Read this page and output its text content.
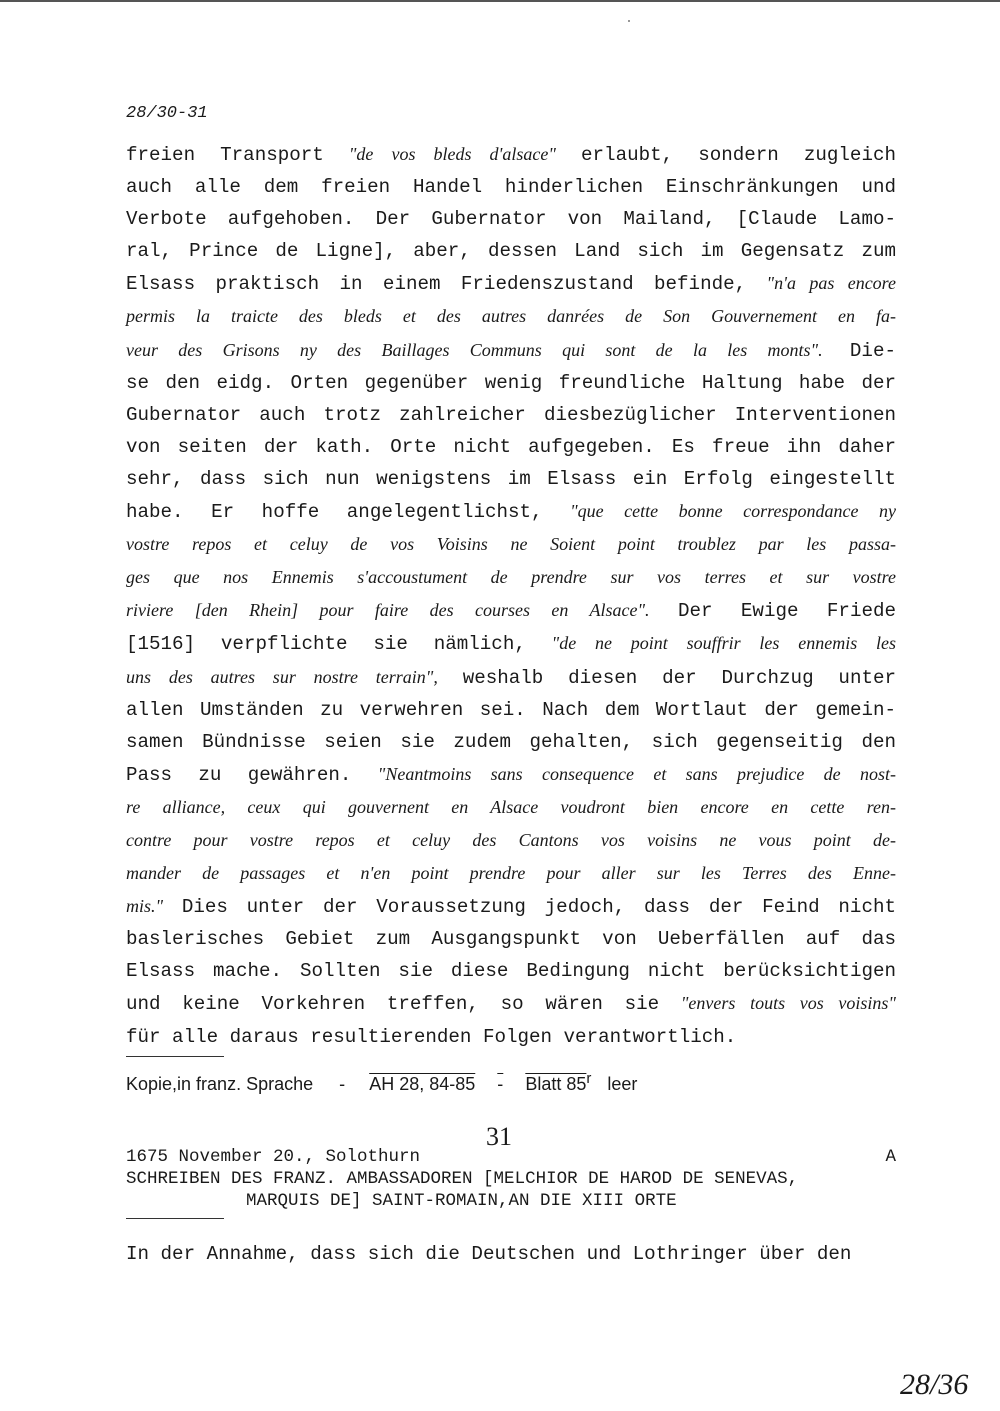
28/30-31
freien Transport "de vos bleds d'alsace" erlaubt, sondern zugleich
auch alle dem freien Handel hinderlichen Einschränkungen und
Verbote aufgehoben. Der Gubernator von Mailand, [Claude Lamo-
ral, Prince de Ligne], aber, dessen Land sich im Gegensatz zum
Elsass praktisch in einem Friedenszustand befinde, "n'a pas encore
permis la traicte des bleds et des autres danrées de Son Gouvernement en fa-
veur des Grisons ny des Baillages Communs qui sont de la les monts". Die-
se den eidg. Orten gegenüber wenig freundliche Haltung habe der
Gubernator auch trotz zahlreicher diesbezüglicher Interventionen
von seiten der kath. Orte nicht aufgegeben. Es freue ihn daher
sehr, dass sich nun wenigstens im Elsass ein Erfolg eingestellt
habe. Er hoffe angelegentlichst, "que cette bonne correspondance ny
vostre repos et celuy de vos Voisins ne Soient point troublez par les passa-
ges que nos Ennemis s'accoustument de prendre sur vos terres et sur vostre
riviere [den Rhein] pour faire des courses en Alsace". Der Ewige Friede
[1516] verpflichte sie nämlich, "de ne point souffrir les ennemis les
uns des autres sur nostre terrain", weshalb diesen der Durchzug unter
allen Umständen zu verwehren sei. Nach dem Wortlaut der gemein-
samen Bündnisse seien sie zudem gehalten, sich gegenseitig den
Pass zu gewähren. "Neantmoins sans consequence et sans prejudice de nost-
re alliance, ceux qui gouvernent en Alsace voudront bien encore en cette ren-
contre pour vostre repos et celuy des Cantons vos voisins ne vous point de-
mander de passages et n'en point prendre pour aller sur les Terres des Enne-
mis." Dies unter der Voraussetzung jedoch, dass der Feind nicht
baslerisches Gebiet zum Ausgangspunkt von Ueberfällen auf das
Elsass mache. Sollten sie diese Bedingung nicht berücksichtigen
und keine Vorkehren treffen, so wären sie "envers touts vos voisins"
für alle daraus resultierenden Folgen verantwortlich.
Kopie,in franz. Sprache - AH 28, 84-85 - Blatt 85$^r$ leer
31
1675 November 20., Solothurn	A
SCHREIBEN DES FRANZ. AMBASSADOREN [MELCHIOR DE HAROD DE SENEVAS,
MARQUIS DE] SAINT-ROMAIN,AN DIE XIII ORTE
In der Annahme, dass sich die Deutschen und Lothringer über den
28/36
